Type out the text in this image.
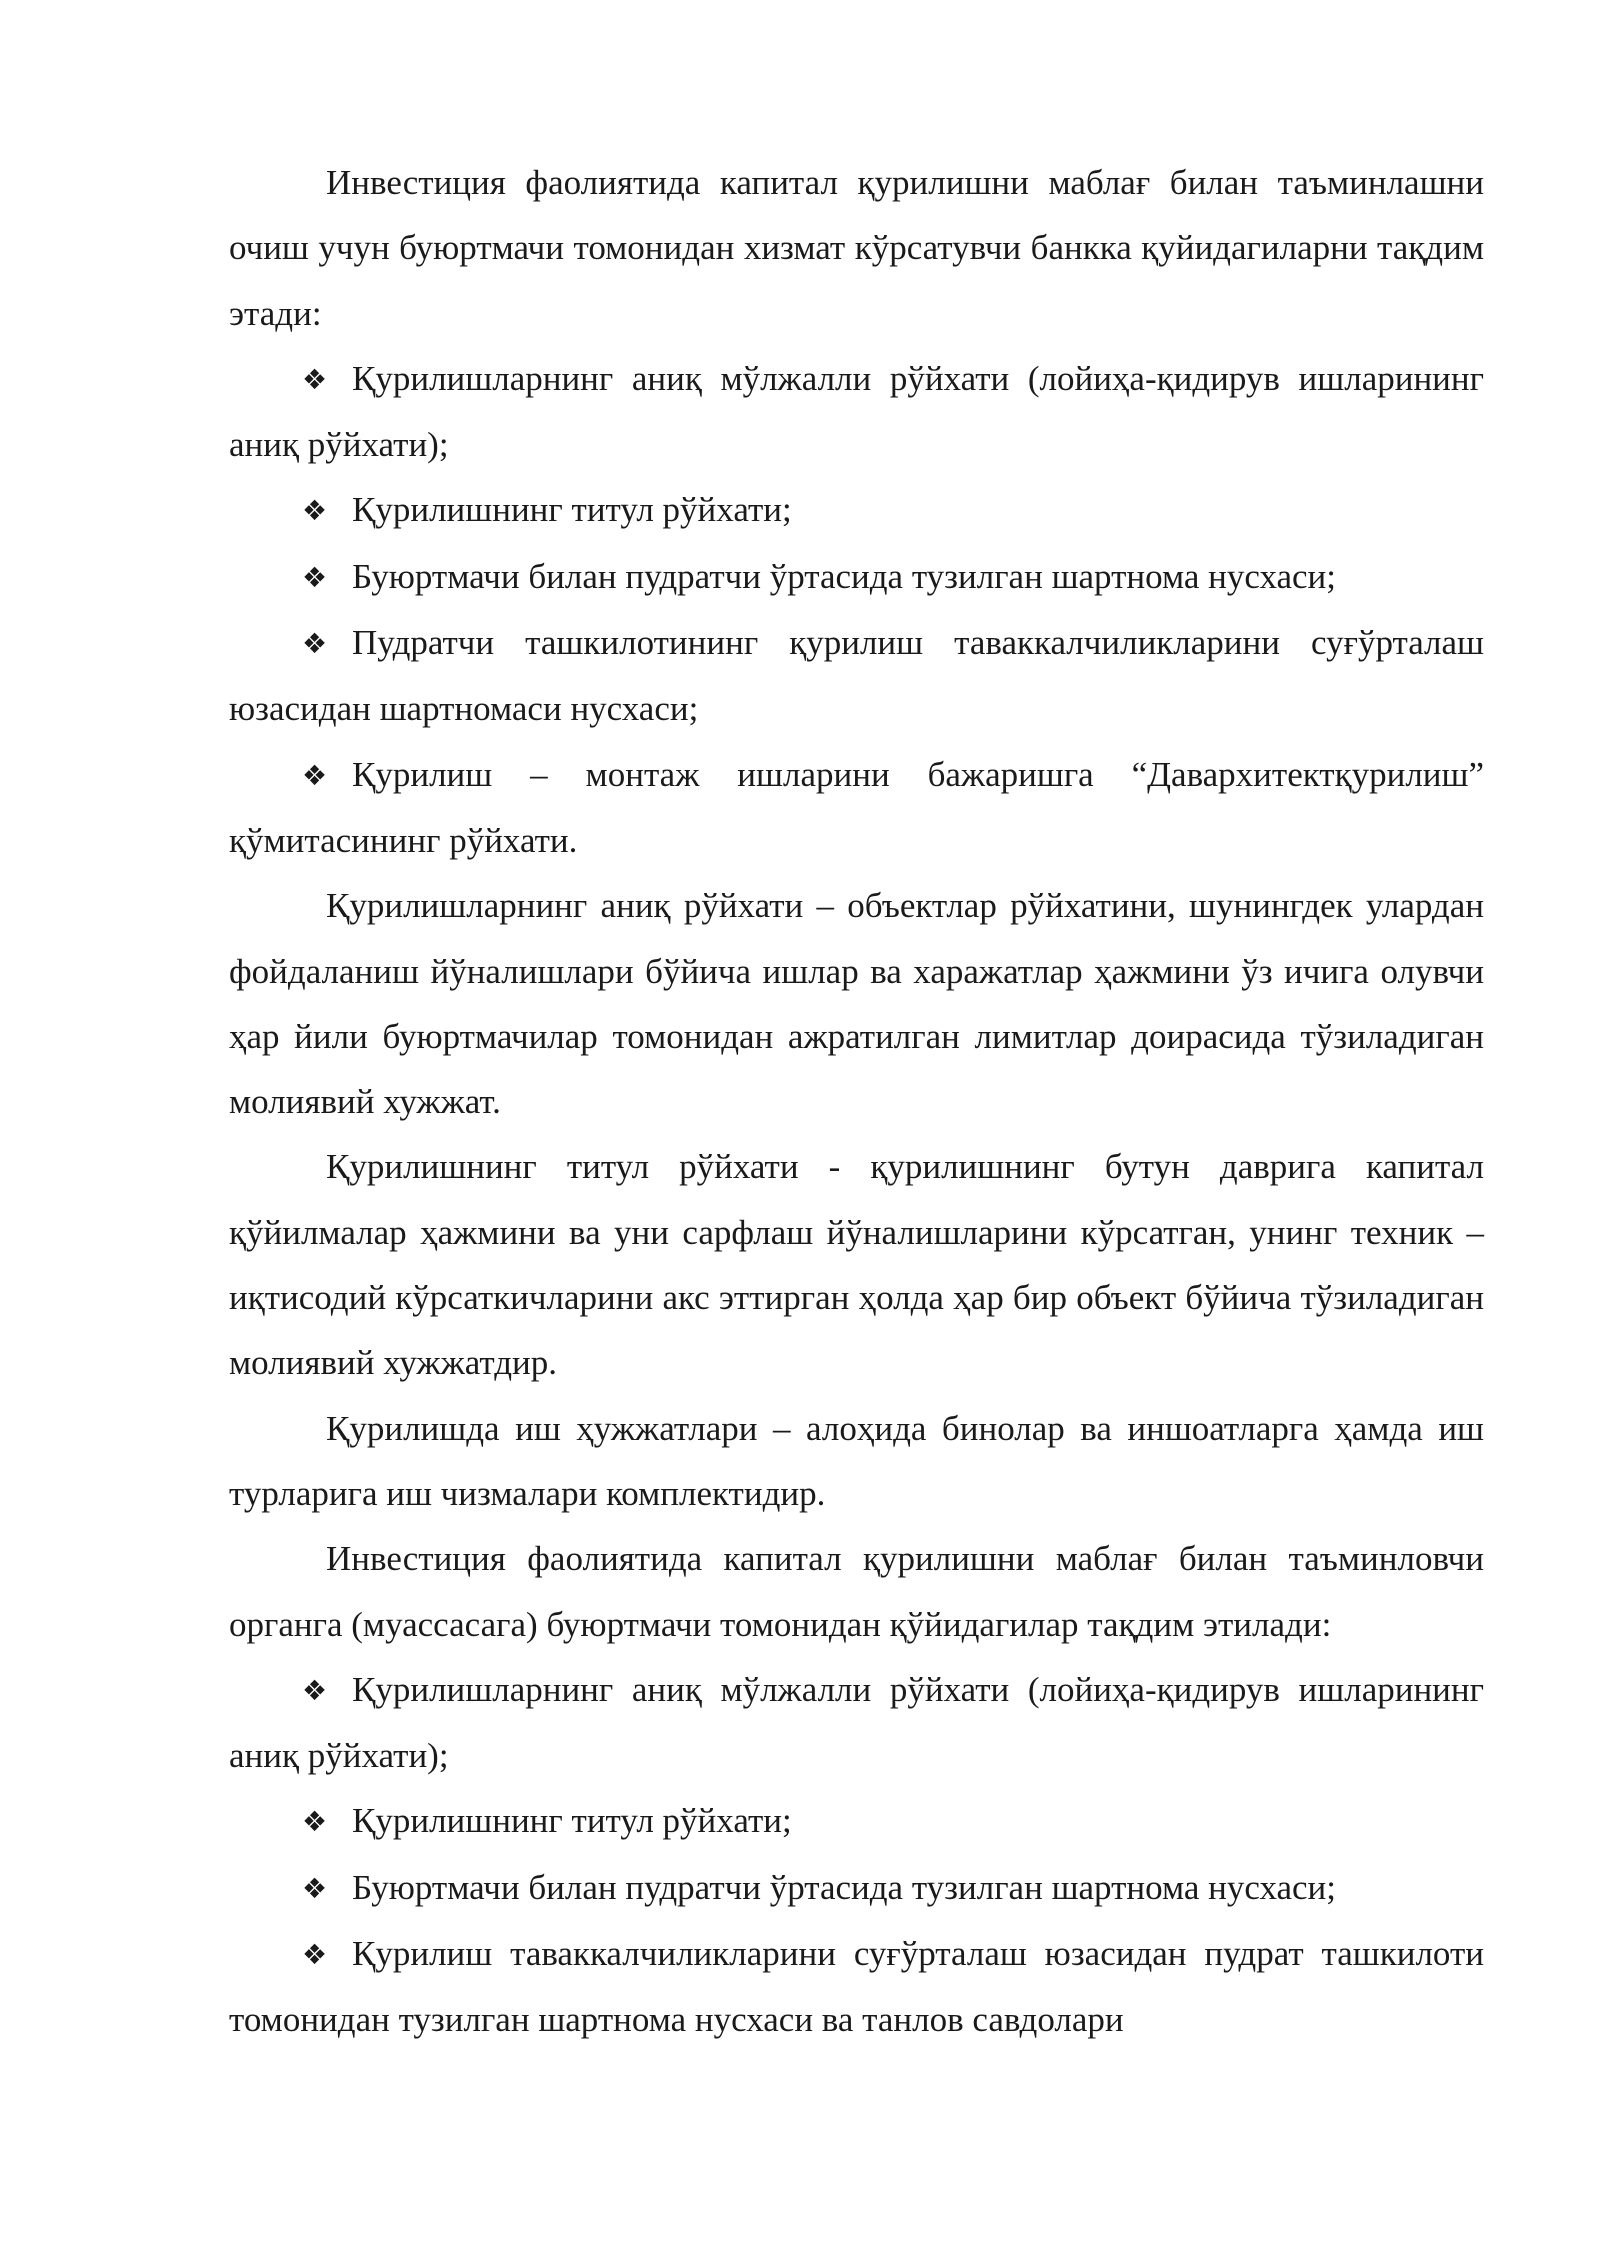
Инвестиция фаолиятида капитал қурилишни маблағ билан таъминлашни очиш учун буюртмачи томонидан хизмат кўрсатувчи банкка қуйидагиларни тақдим этади:

❖ Қурилишларнинг аниқ мўлжалли рўйхати (лойиҳа-қидирув ишларининг аниқ рўйхати);

❖ Қурилишнинг титул рўйхати;

❖ Буюртмачи билан пудратчи ўртасида тузилган шартнома нусхаси;

❖ Пудратчи ташкилотининг қурилиш таваккалчиликларини суғўрталаш юзасидан шартномаси нусхаси;

❖ Қурилиш – монтаж ишларини бажаришга “Давархитектқурилиш” қўмитасининг рўйхати.

Қурилишларнинг аниқ рўйхати – объектлар рўйхатини, шунингдек улардан фойдаланиш йўналишлари бўйича ишлар ва харажатлар ҳажмини ўз ичига олувчи ҳар йили буюртмачилар томонидан ажратилган лимитлар доирасида тўзиладиган молиявий хужжат.

Қурилишнинг титул рўйхати - қурилишнинг бутун даврига капитал қўйилмалар ҳажмини ва уни сарфлаш йўналишларини кўрсатган, унинг техник – иқтисодий кўрсаткичларини акс эттирган ҳолда ҳар бир объект бўйича тўзиладиган молиявий хужжатдир.

Қурилишда иш ҳужжатлари – алоҳида бинолар ва иншоатларга ҳамда иш турларига иш чизмалари комплектидир.

Инвестиция фаолиятида капитал қурилишни маблағ билан таъминловчи органга (муассасага) буюртмачи томонидан қўйидагилар тақдим этилади:

❖ Қурилишларнинг аниқ мўлжалли рўйхати (лойиҳа-қидирув ишларининг аниқ рўйхати);

❖ Қурилишнинг титул рўйхати;

❖ Буюртмачи билан пудратчи ўртасида тузилган шартнома нусхаси;

❖ Қурилиш таваккалчиликларини суғўрталаш юзасидан пудрат ташкилоти томонидан тузилган шартнома нусхаси ва танлов савдолари
